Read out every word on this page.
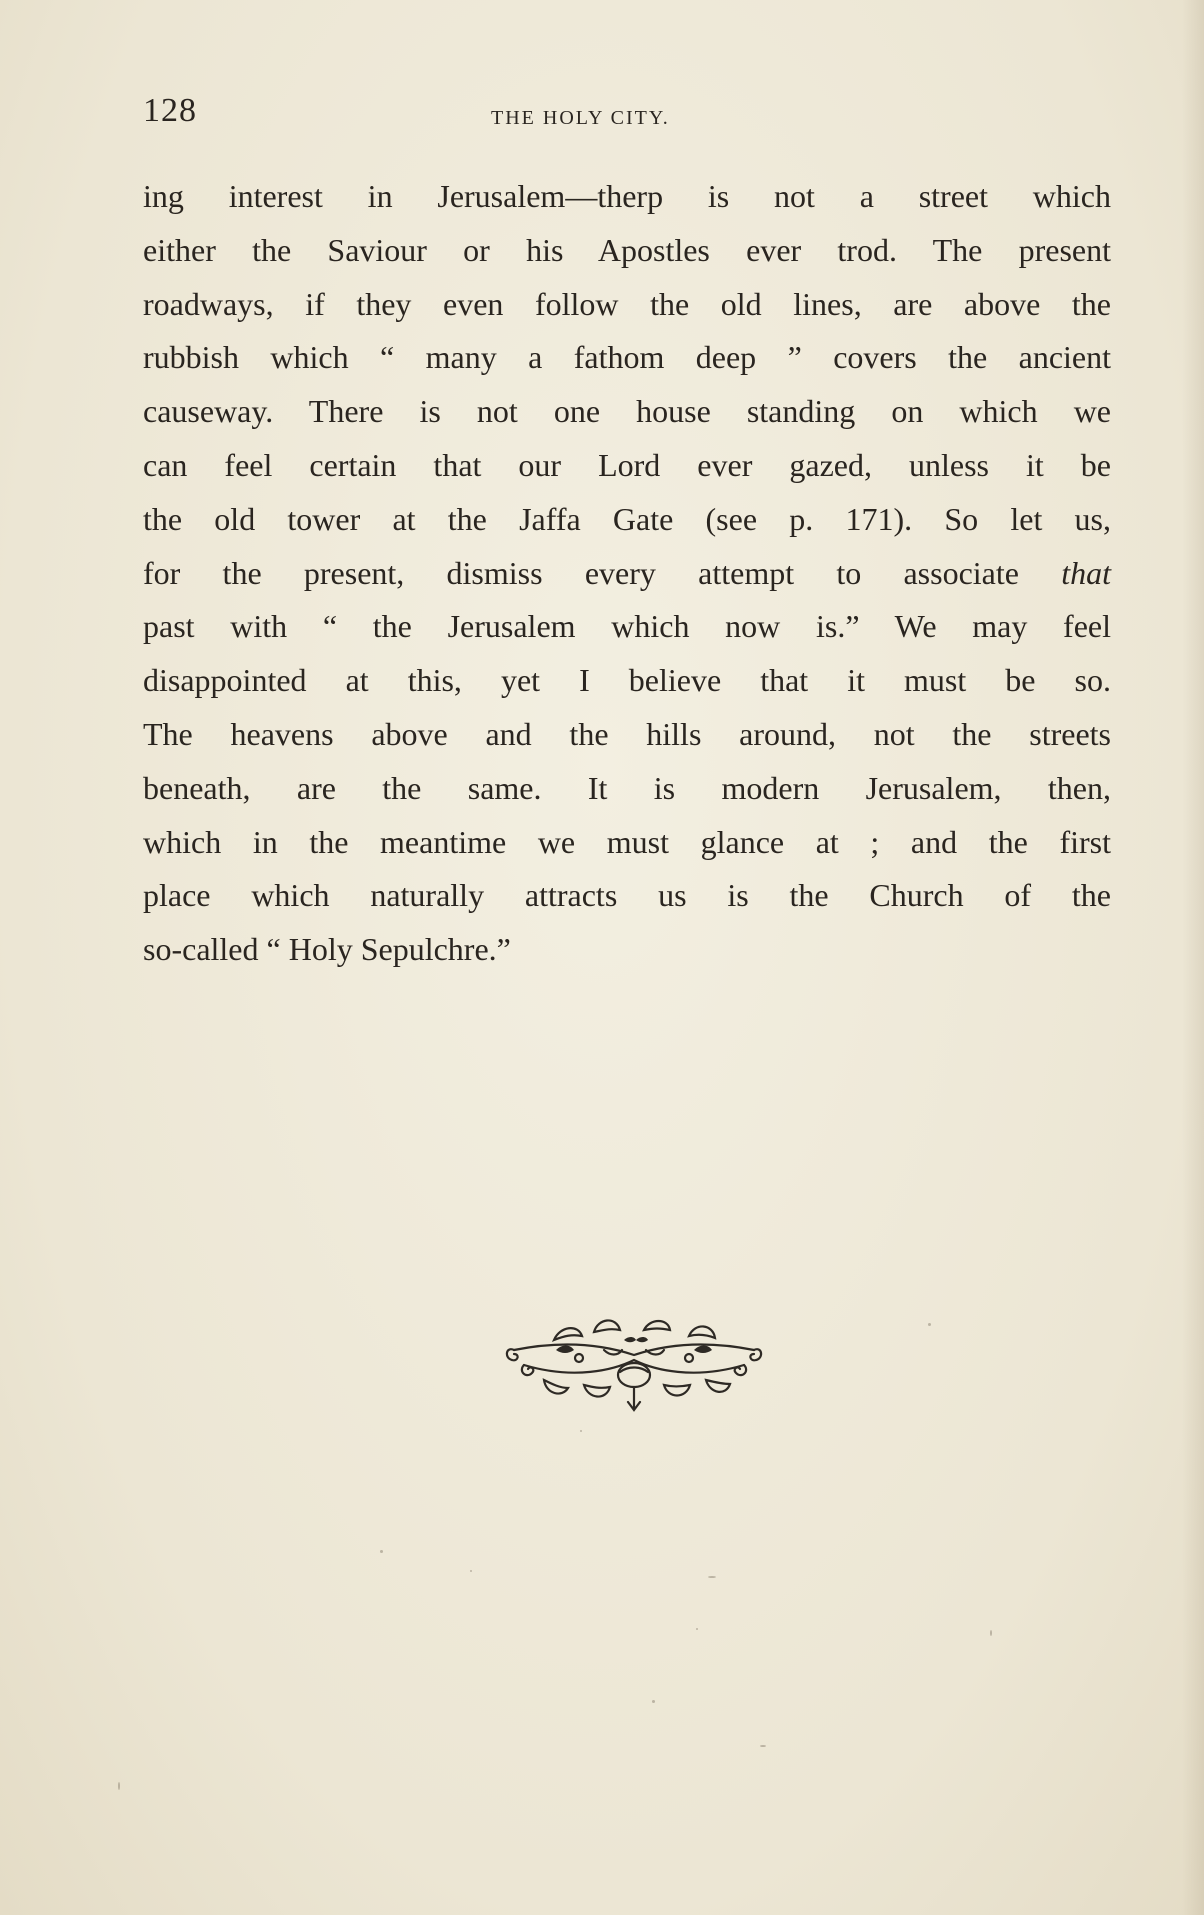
128	THE HOLY CITY.
ing interest in Jerusalem—therp is not a street which
either the Saviour or his Apostles ever trod. The present
roadways, if they even follow the old lines, are above the
rubbish which “ many a fathom deep ” covers the ancient
causeway. There is not one house standing on which we
can feel certain that our Lord ever gazed, unless it be
the old tower at the Jaffa Gate (see p. 171). So let us,
for the present, dismiss every attempt to associate that
past with “ the Jerusalem which now is.” We may feel
disappointed at this, yet I believe that it must be so.
The heavens above and the hills around, not the streets
beneath, are the same. It is modern Jerusalem, then,
which in the meantime we must glance at ; and the first
place which naturally attracts us is the Church of the
so-called “ Holy Sepulchre.”
